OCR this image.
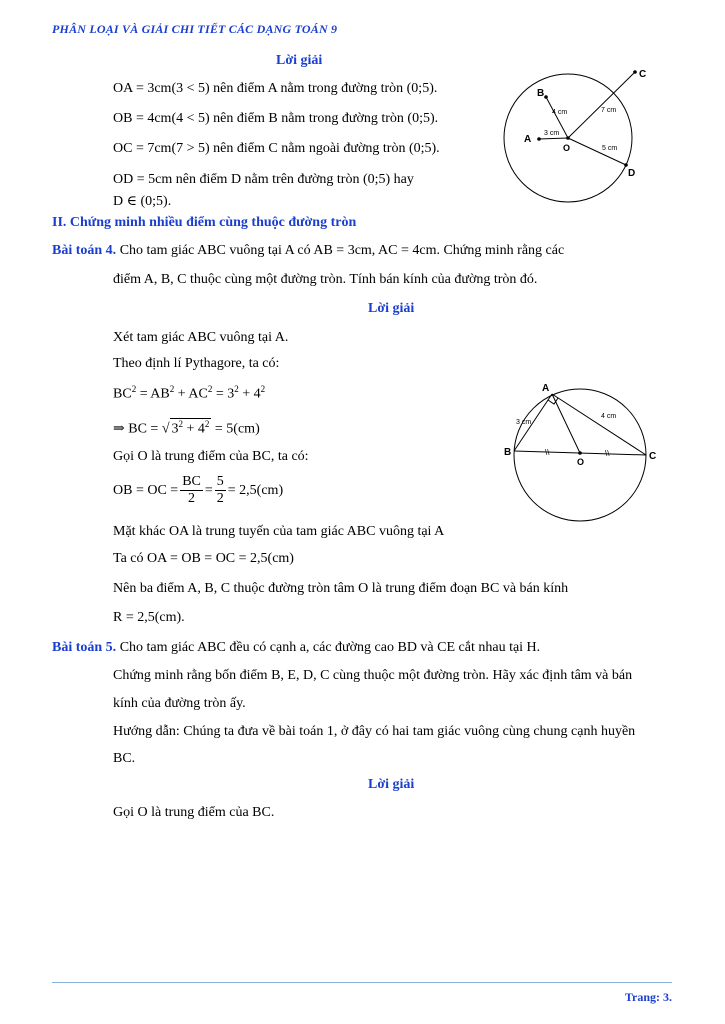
PHÂN LOẠI VÀ GIẢI CHI TIẾT CÁC DẠNG TOÁN 9
Lời giải
OA = 3cm(3 < 5) nên điểm A nằm trong đường tròn (0;5).
OB = 4cm(4 < 5) nên điểm B nằm trong đường tròn (0;5).
OC = 7cm(7 > 5) nên điểm C nằm ngoài đường tròn (0;5).
OD = 5cm nên điểm D nằm trên đường tròn (0;5) hay
D ∈ (0;5).
A
B
C
D
O
3 cm
4 cm	7 cm
5 cm
II. Chứng minh nhiều điểm cùng thuộc đường tròn
Bài toán 4. Cho tam giác ABC vuông tại A có AB = 3cm, AC = 4cm. Chứng minh rằng các
điểm A, B, C thuộc cùng một đường tròn. Tính bán kính của đường tròn đó.
Lời giải
Xét tam giác ABC vuông tại A.
Theo định lí Pythagore, ta có:
$BC^2 = AB^2 + AC^2 = 3^2 + 4^2$
⇒ BC = √ $3^2 + 4^2 = 5(cm)$
Gọi O là trung điểm của BC, ta có:
OB = OC = $\frac{BC}{2} = \frac{5}{2} = 2,5(cm)$
Mặt khác OA là trung tuyến của tam giác ABC vuông tại A
Ta có OA = OB = OC = 2,5(cm)
Nên ba điểm A, B, C thuộc đường tròn tâm O là trung điểm đoạn BC và bán kính
R = 2,5(cm).
A
B	C
O
3 cm
4 cm
\\	\\
Bài toán 5. Cho tam giác ABC đều có cạnh a, các đường cao BD và CE cắt nhau tại H.
Chứng minh rằng bốn điểm B, E, D, C cùng thuộc một đường tròn. Hãy xác định tâm và bán
kính của đường tròn ấy.
Hướng dẫn: Chúng ta đưa về bài toán 1, ở đây có hai tam giác vuông cùng chung cạnh huyền
BC.
Lời giải
Gọi O là trung điểm của BC.
Trang: 3.
